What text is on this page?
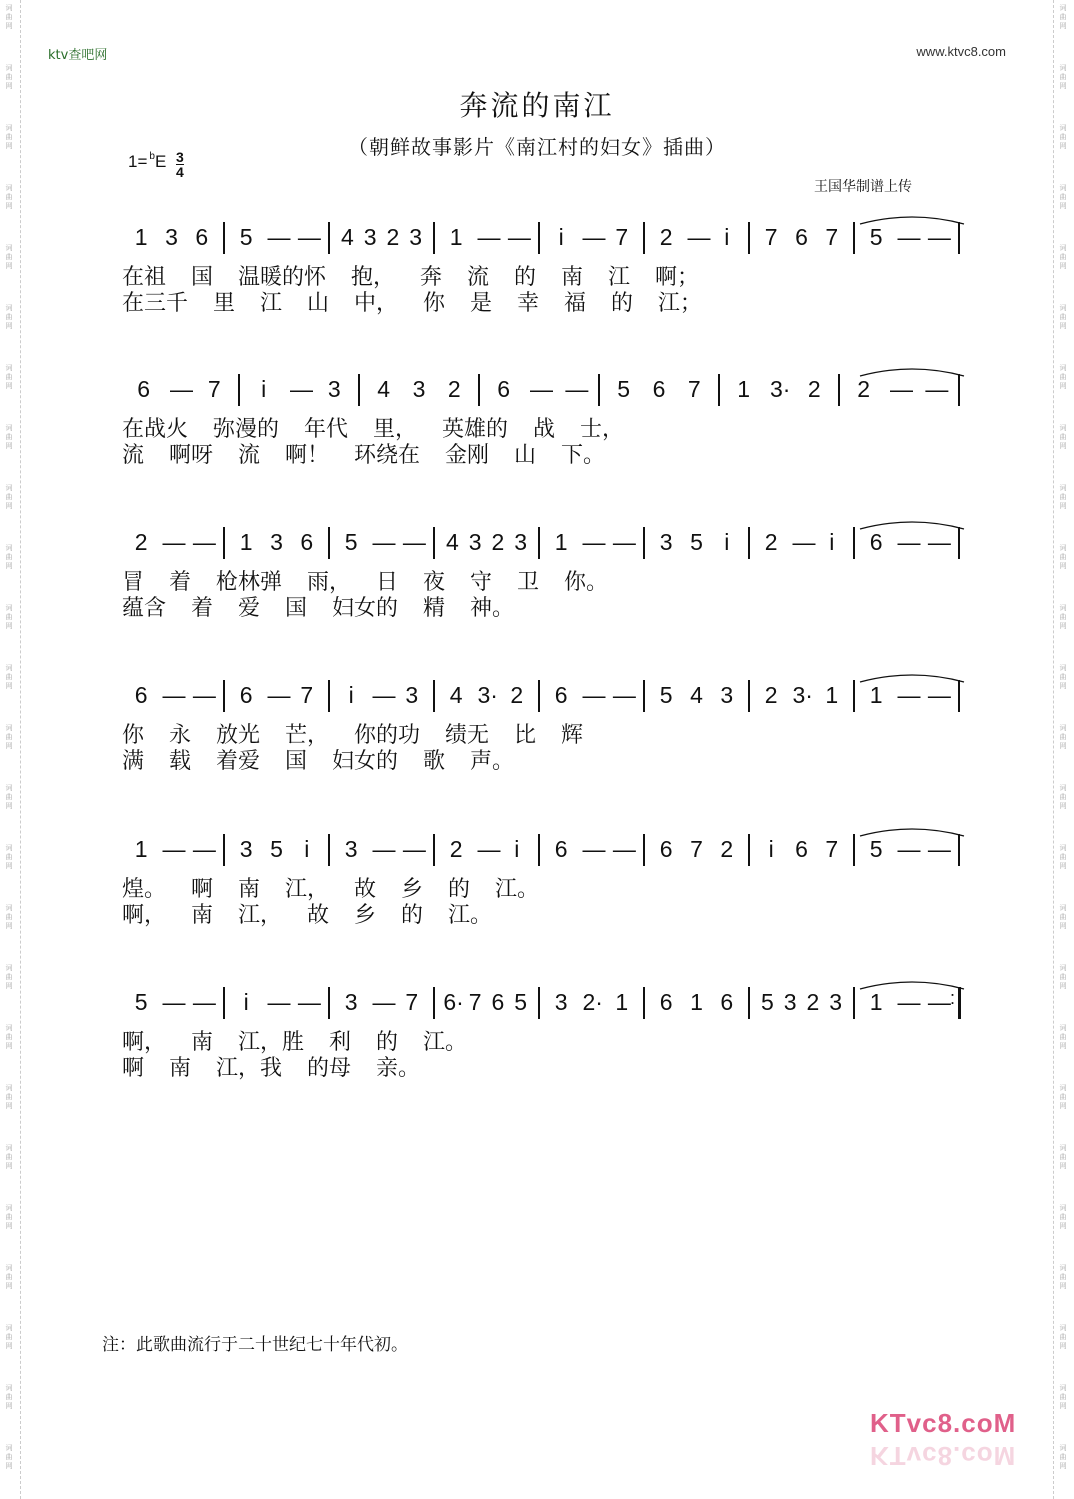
词
曲
网
词
曲
网
词
曲
网
词
曲
网
词
曲
网
词
曲
网
词
曲
网
词
曲
网
词
曲
网
词
曲
网
词
曲
网
词
曲
网
词
曲
网
词
曲
网
词
曲
网
词
曲
网
词
曲
网
词
曲
网
词
曲
网
词
曲
网
词
曲
网
词
曲
网
词
曲
网
词
曲
网
词
曲
网
词
曲
网
词
曲
网
词
曲
网
词
曲
网
词
曲
网
词
曲
网
词
曲
网
词
曲
网
词
曲
网
词
曲
网
词
曲
网
词
曲
网
词
曲
网
词
曲
网
词
曲
网
词
曲
网
词
曲
网
词
曲
网
词
曲
网
词
曲
网
词
曲
网
词
曲
网
词
曲
网
词
曲
网
词
曲
网
ktv查吧网	www.ktvc8.com
奔流的南江
（朝鲜故事影片《南江村的妇女》插曲）
1= $^b$E 3
4
王国华制谱上传
1 3 6 5 — — 4 3 2 3 1 — — i — 7 2 — i 7 6 7 5 — —
在祖 国 温暖的怀 抱， 奔 流 的 南 江 啊；
在三千 里 江 山 中， 你 是 幸 福 的 江；
6 — 7 i — 3 4 3 2 6 — — 5 6 7 1 3· 2 2 — —
在战火 弥漫的 年代 里， 英雄的 战 士，
流 啊呀 流 啊！ 环绕在 金刚 山 下。
2 — — 1 3 6 5 — — 4 3 2 3 1 — — 3 5 i 2 — i 6 — —
冒 着 枪林弹 雨， 日 夜 守 卫 你。
蕴含 着 爱 国 妇女的 精 神。
6 — — 6 — 7 i — 3 4 3· 2 6 — — 5 4 3 2 3· 1 1 — —
你 永 放光 芒， 你的功 绩无 比 辉
满 载 着爱 国 妇女的 歌 声。
1 — — 3 5 i 3 — — 2 — i 6 — — 6 7 2 i 6 7 5 — —
煌。 啊 南 江， 故 乡 的 江。
啊， 南 江， 故 乡 的 江。
5 — — i — — 3 — 7 6· 7 6 5 3 2· 1 6 1 6 5 3 2 3 1 — — :
啊， 南 江，胜 利 的 江。
啊 南 江，我 的母 亲。
注：此歌曲流行于二十世纪七十年代初。
KTvc8.coM
KTvc8.coM
